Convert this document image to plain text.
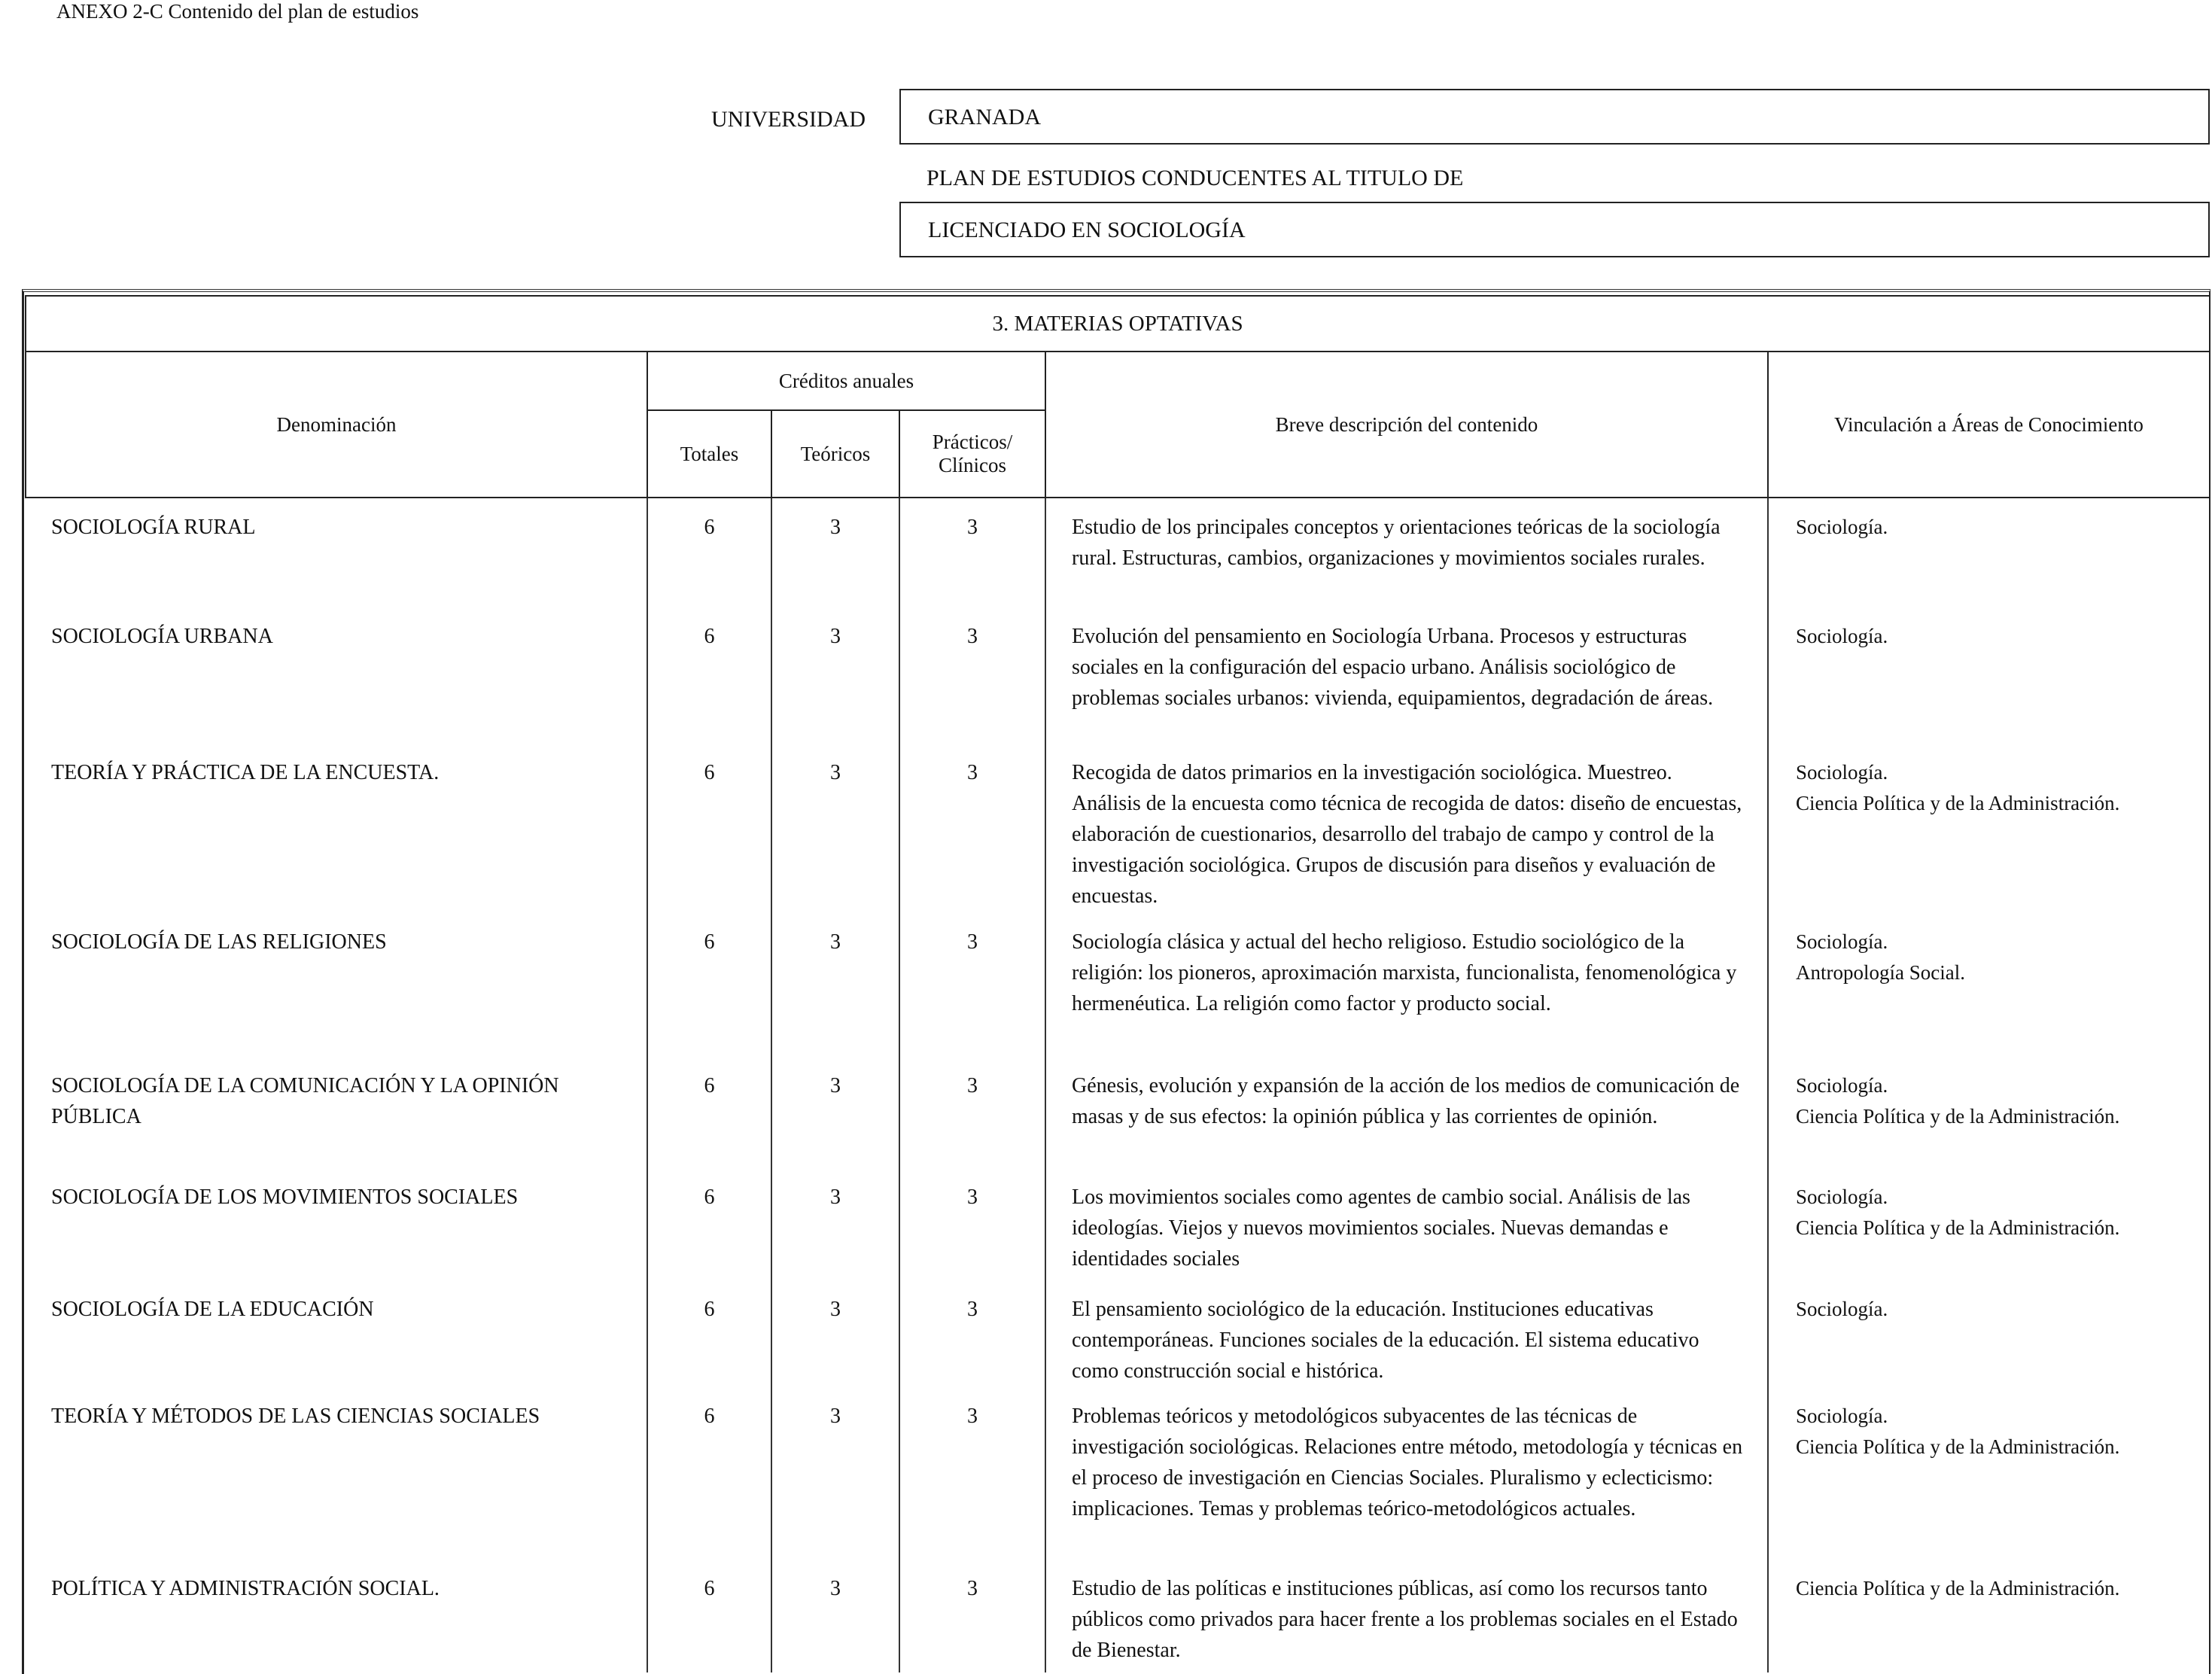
ANEXO 2-C Contenido del plan de estudios
UNIVERSIDAD	GRANADA
PLAN DE ESTUDIOS CONDUCENTES AL TITULO DE
LICENCIADO EN SOCIOLOGÍA
3. MATERIAS OPTATIVAS					
Denominación	Créditos anuales			Breve descripción del contenido	Vinculación a Áreas de Conocimiento
	Totales	Teóricos	Prácticos/
Clínicos		
SOCIOLOGÍA RURAL	6	3	3	Estudio de los principales conceptos y orientaciones teóricas de la sociología rural. Estructuras, cambios, organizaciones y movimientos sociales rurales.	Sociología.

SOCIOLOGÍA URBANA	6	3	3	Evolución del pensamiento en Sociología Urbana. Procesos y estructuras sociales en la configuración del espacio urbano. Análisis sociológico de problemas sociales urbanos: vivienda, equipamientos, degradación de áreas.	Sociología.

TEORÍA Y PRÁCTICA DE LA ENCUESTA.	6	3	3	Recogida de datos primarios en la investigación sociológica. Muestreo. Análisis de la encuesta como técnica de recogida de datos: diseño de encuestas, elaboración de cuestionarios, desarrollo del trabajo de campo y control de la investigación sociológica. Grupos de discusión para diseños y evaluación de encuestas.	Sociología.
Ciencia Política y de la Administración.

SOCIOLOGÍA DE LAS RELIGIONES	6	3	3	Sociología clásica y actual del hecho religioso. Estudio sociológico de la religión: los pioneros, aproximación marxista, funcionalista, fenomenológica y hermenéutica. La religión como factor y producto social.	Sociología.
Antropología Social.

SOCIOLOGÍA DE LA COMUNICACIÓN Y LA OPINIÓN PÚBLICA	6	3	3	Génesis, evolución y expansión de la acción de los medios de comunicación de masas y de sus efectos: la opinión pública y las corrientes de opinión.	Sociología.
Ciencia Política y de la Administración.

SOCIOLOGÍA DE LOS MOVIMIENTOS SOCIALES	6	3	3	Los movimientos sociales como agentes de cambio social. Análisis de las ideologías. Viejos y nuevos movimientos sociales. Nuevas demandas e identidades sociales	Sociología.
Ciencia Política y de la Administración.

SOCIOLOGÍA DE LA EDUCACIÓN	6	3	3	El pensamiento sociológico de la educación. Instituciones educativas contemporáneas. Funciones sociales de la educación. El sistema educativo como construcción social e histórica.	Sociología.

TEORÍA Y MÉTODOS DE LAS CIENCIAS SOCIALES	6	3	3	Problemas teóricos y metodológicos subyacentes de las técnicas de investigación sociológicas. Relaciones entre método, metodología y técnicas en el proceso de investigación en Ciencias Sociales. Pluralismo y eclecticismo: implicaciones. Temas y problemas teórico-metodológicos actuales.	Sociología.
Ciencia Política y de la Administración.

POLÍTICA Y ADMINISTRACIÓN SOCIAL.	6	3	3	Estudio de las políticas e instituciones públicas, así como los recursos tanto públicos como privados para hacer frente a los problemas sociales en el Estado de Bienestar.	Ciencia Política y de la Administración.
